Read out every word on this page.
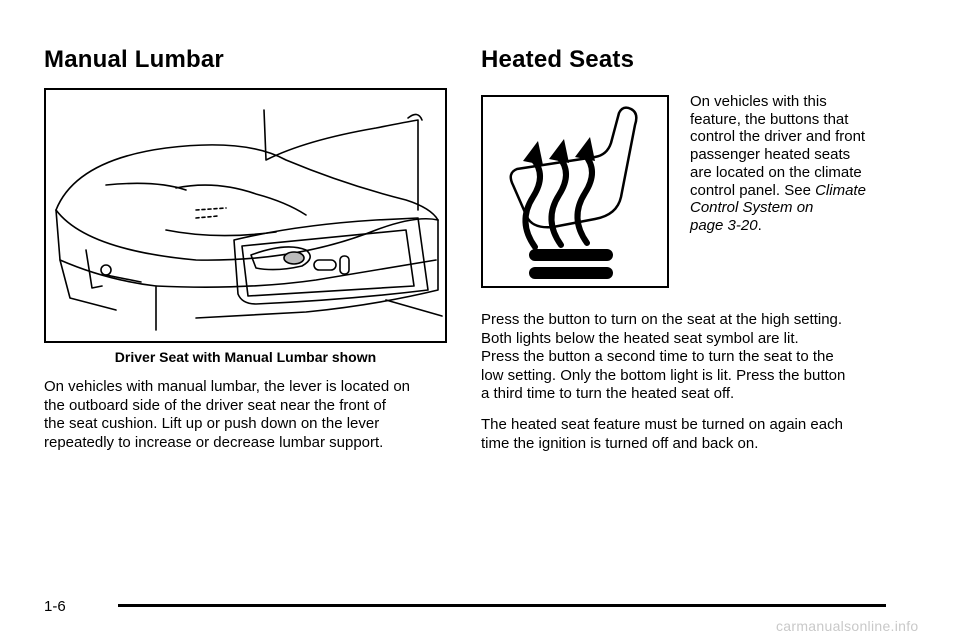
Manual Lumbar
Driver Seat with Manual Lumbar shown
On vehicles with manual lumbar, the lever is located on
the outboard side of the driver seat near the front of
the seat cushion. Lift up or push down on the lever
repeatedly to increase or decrease lumbar support.
Heated Seats
On vehicles with this
feature, the buttons that
control the driver and front
passenger heated seats
are located on the climate
control panel. See Climate
Control System on
page 3-20.
Press the button to turn on the seat at the high setting.
Both lights below the heated seat symbol are lit.
Press the button a second time to turn the seat to the
low setting. Only the bottom light is lit. Press the button
a third time to turn the heated seat off.
The heated seat feature must be turned on again each
time the ignition is turned off and back on.
1-6
carmanualsonline.info
